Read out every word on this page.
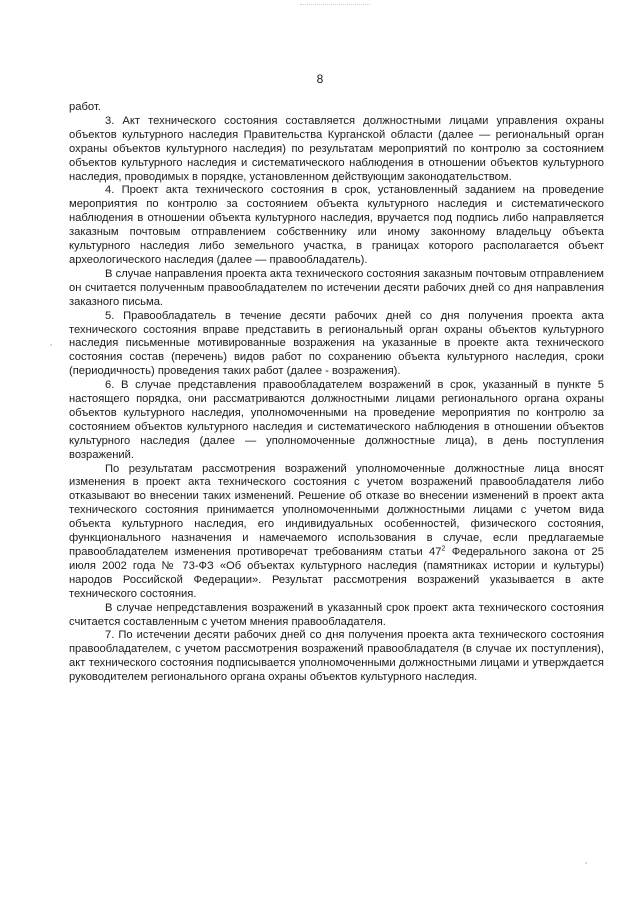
8

работ.

3. Акт технического состояния составляется должностными лицами управления охраны объектов культурного наследия Правительства Курганской области (далее — региональный орган охраны объектов культурного наследия) по результатам мероприятий по контролю за состоянием объектов культурного наследия и систематического наблюдения в отношении объектов культурного наследия, проводимых в порядке, установленном действующим законодательством.

4. Проект акта технического состояния в срок, установленный заданием на проведение мероприятия по контролю за состоянием объекта культурного наследия и систематического наблюдения в отношении объекта культурного наследия, вручается под подпись либо направляется заказным почтовым отправлением собственнику или иному законному владельцу объекта культурного наследия либо земельного участка, в границах которого располагается объект археологического наследия (далее — правообладатель).

В случае направления проекта акта технического состояния заказным почтовым отправлением он считается полученным правообладателем по истечении десяти рабочих дней со дня направления заказного письма.

5. Правообладатель в течение десяти рабочих дней со дня получения проекта акта технического состояния вправе представить в региональный орган охраны объектов культурного наследия письменные мотивированные возражения на указанные в проекте акта технического состояния состав (перечень) видов работ по сохранению объекта культурного наследия, сроки (периодичность) проведения таких работ (далее - возражения).

6. В случае представления правообладателем возражений в срок, указанный в пункте 5 настоящего порядка, они рассматриваются должностными лицами регионального органа охраны объектов культурного наследия, уполномоченными на проведение мероприятия по контролю за состоянием объектов культурного наследия и систематического наблюдения в отношении объектов культурного наследия (далее — уполномоченные должностные лица), в день поступления возражений.

По результатам рассмотрения возражений уполномоченные должностные лица вносят изменения в проект акта технического состояния с учетом возражений правообладателя либо отказывают во внесении таких изменений. Решение об отказе во внесении изменений в проект акта технического состояния принимается уполномоченными должностными лицами с учетом вида объекта культурного наследия, его индивидуальных особенностей, физического состояния, функционального назначения и намечаемого использования в случае, если предлагаемые правообладателем изменения противоречат требованиям статьи $47^2$ Федерального закона от 25 июля 2002 года № 73-ФЗ «Об объектах культурного наследия (памятниках истории и культуры) народов Российской Федерации». Результат рассмотрения возражений указывается в акте технического состояния.

В случае непредставления возражений в указанный срок проект акта технического состояния считается составленным с учетом мнения правообладателя.

7. По истечении десяти рабочих дней со дня получения проекта акта технического состояния правообладателем, с учетом рассмотрения возражений правообладателя (в случае их поступления), акт технического состояния подписывается уполномоченными должностными лицами и утверждается руководителем регионального органа охраны объектов культурного наследия.
